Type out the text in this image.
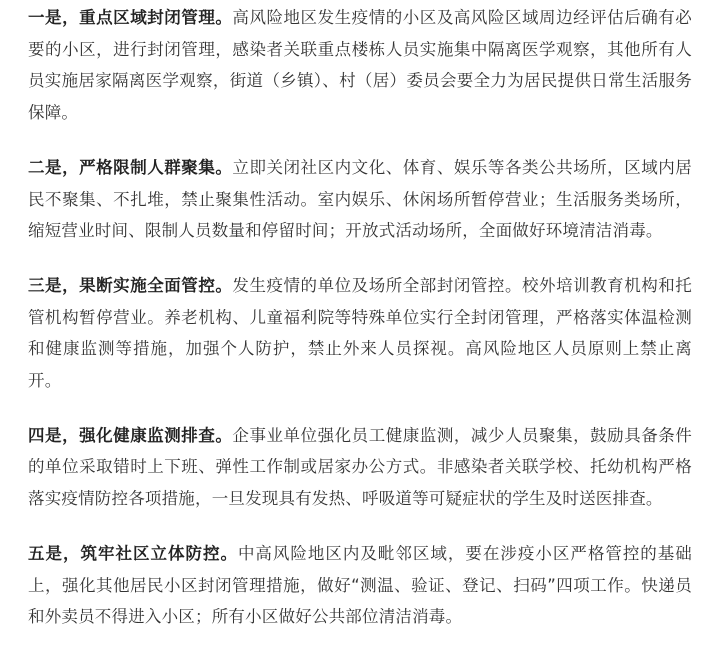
一是，重点区域封闭管理。高风险地区发生疫情的小区及高风险区域周边经评估后确有必要的小区，进行封闭管理，感染者关联重点楼栋人员实施集中隔离医学观察，其他所有人员实施居家隔离医学观察，街道（乡镇）、村（居）委员会要全力为居民提供日常生活服务保障。

二是，严格限制人群聚集。立即关闭社区内文化、体育、娱乐等各类公共场所，区域内居民不聚集、不扎堆，禁止聚集性活动。室内娱乐、休闲场所暂停营业；生活服务类场所，缩短营业时间、限制人员数量和停留时间；开放式活动场所，全面做好环境清洁消毒。

三是，果断实施全面管控。发生疫情的单位及场所全部封闭管控。校外培训教育机构和托管机构暂停营业。养老机构、儿童福利院等特殊单位实行全封闭管理，严格落实体温检测和健康监测等措施，加强个人防护，禁止外来人员探视。高风险地区人员原则上禁止离开。

四是，强化健康监测排查。企事业单位强化员工健康监测，减少人员聚集，鼓励具备条件的单位采取错时上下班、弹性工作制或居家办公方式。非感染者关联学校、托幼机构严格落实疫情防控各项措施，一旦发现具有发热、呼吸道等可疑症状的学生及时送医排查。

五是，筑牢社区立体防控。中高风险地区内及毗邻区域，要在涉疫小区严格管控的基础上，强化其他居民小区封闭管理措施，做好“测温、验证、登记、扫码”四项工作。快递员和外卖员不得进入小区；所有小区做好公共部位清洁消毒。
